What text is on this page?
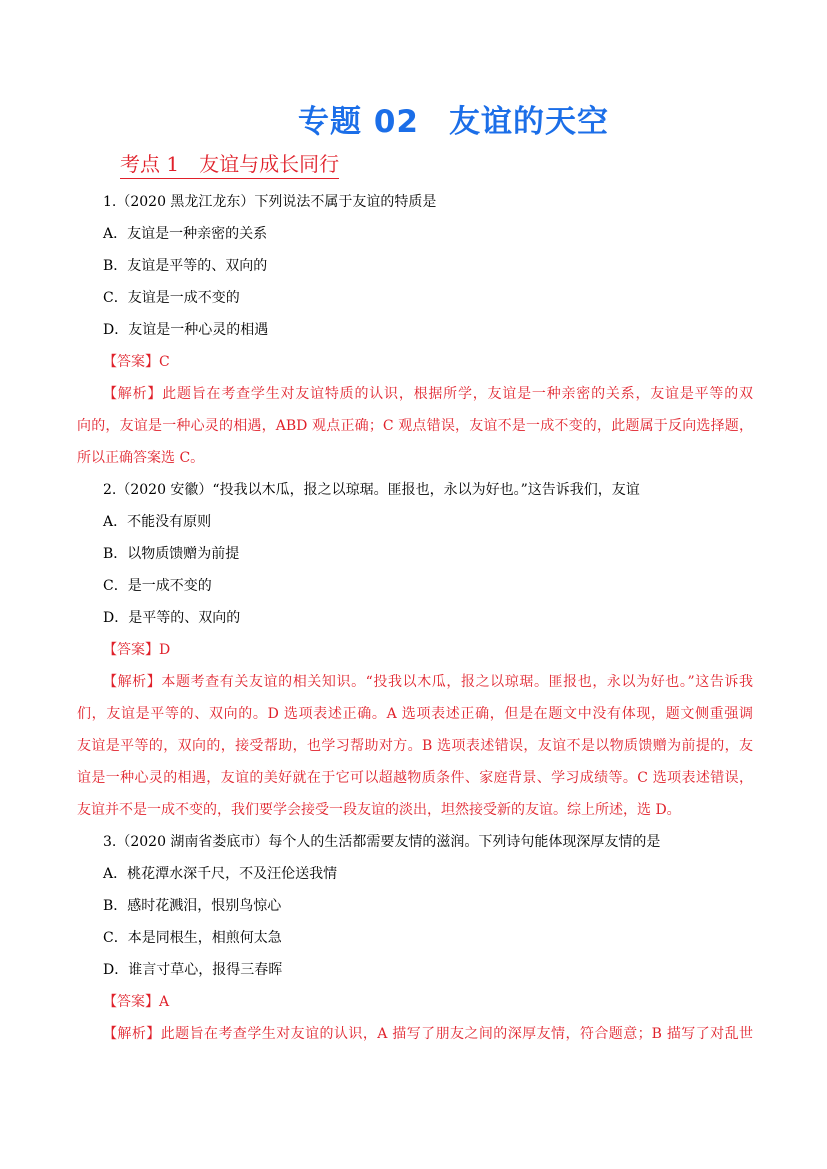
专题 02 友谊的天空
考点 1 友谊与成长同行
1.（2020 黑龙江龙东）下列说法不属于友谊的特质是
A．友谊是一种亲密的关系
B．友谊是平等的、双向的
C．友谊是一成不变的
D．友谊是一种心灵的相遇
【答案】C
【解析】此题旨在考查学生对友谊特质的认识，根据所学，友谊是一种亲密的关系，友谊是平等的双
向的，友谊是一种心灵的相遇，ABD 观点正确；C 观点错误，友谊不是一成不变的，此题属于反向选择题，
所以正确答案选 C。
2.（2020 安徽）“投我以木瓜，报之以琼琚。匪报也，永以为好也。”这告诉我们，友谊
A．不能没有原则
B．以物质馈赠为前提
C．是一成不变的
D．是平等的、双向的
【答案】D
【解析】本题考查有关友谊的相关知识。“投我以木瓜，报之以琼琚。匪报也，永以为好也。”这告诉我
们，友谊是平等的、双向的。D 选项表述正确。A 选项表述正确，但是在题文中没有体现，题文侧重强调
友谊是平等的，双向的，接受帮助，也学习帮助对方。B 选项表述错误，友谊不是以物质馈赠为前提的，友
谊是一种心灵的相遇，友谊的美好就在于它可以超越物质条件、家庭背景、学习成绩等。C 选项表述错误，
友谊并不是一成不变的，我们要学会接受一段友谊的淡出，坦然接受新的友谊。综上所述，选 D。
3.（2020 湖南省娄底市）每个人的生活都需要友情的滋润。下列诗句能体现深厚友情的是
A．桃花潭水深千尺，不及汪伦送我情
B．感时花溅泪，恨别鸟惊心
C．本是同根生，相煎何太急
D．谁言寸草心，报得三春晖
【答案】A
【解析】此题旨在考查学生对友谊的认识，A 描写了朋友之间的深厚友情，符合题意；B 描写了对乱世
